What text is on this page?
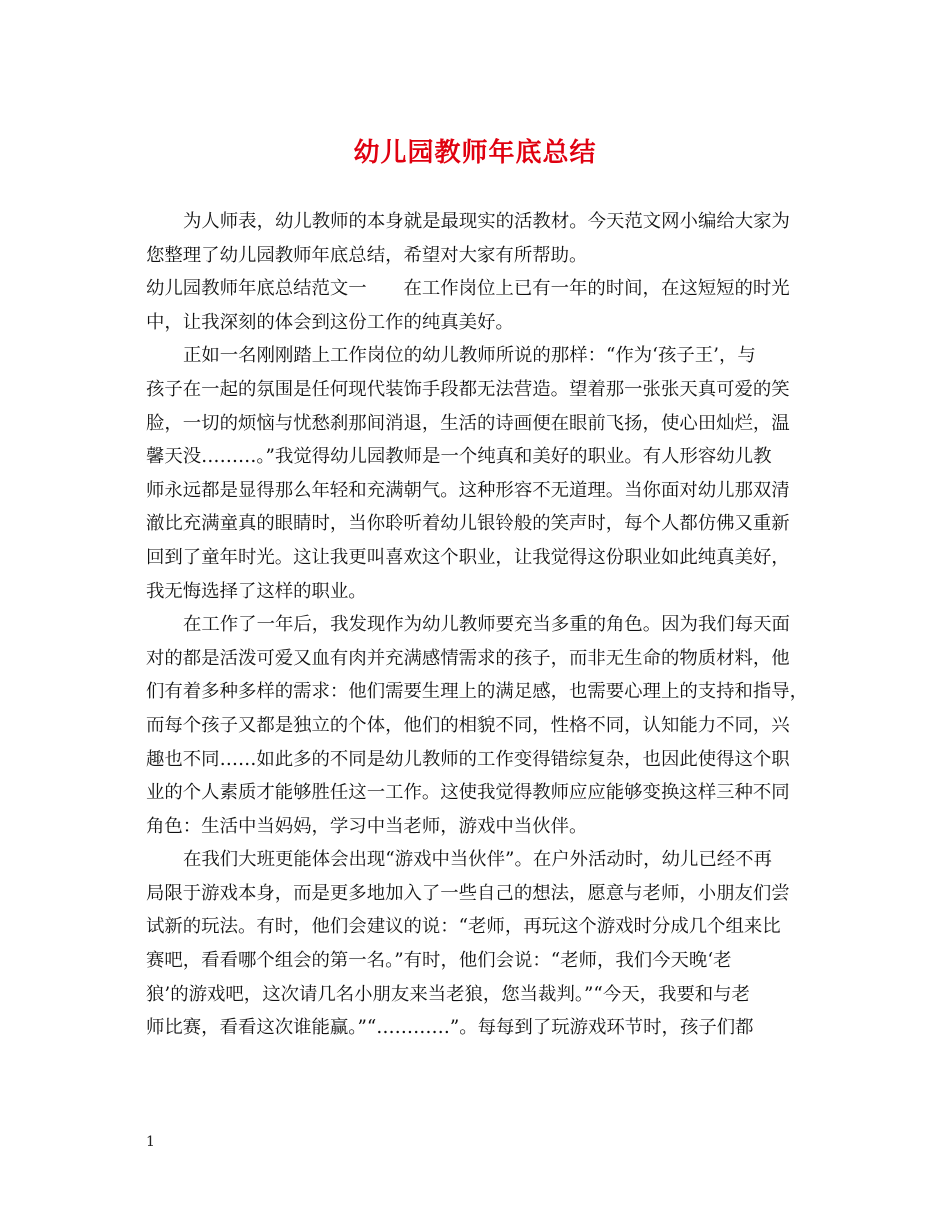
幼儿园教师年底总结
为人师表，幼儿教师的本身就是最现实的活教材。今天范文网小编给大家为
您整理了幼儿园教师年底总结，希望对大家有所帮助。
幼儿园教师年底总结范文一　　在工作岗位上已有一年的时间，在这短短的时光
中，让我深刻的体会到这份工作的纯真美好。
正如一名刚刚踏上工作岗位的幼儿教师所说的那样：“作为‘孩子王’，与
孩子在一起的氛围是任何现代装饰手段都无法营造。望着那一张张天真可爱的笑
脸，一切的烦恼与忧愁刹那间消退，生活的诗画便在眼前飞扬，使心田灿烂，温
馨天没………。”我觉得幼儿园教师是一个纯真和美好的职业。有人形容幼儿教
师永远都是显得那么年轻和充满朝气。这种形容不无道理。当你面对幼儿那双清
澈比充满童真的眼睛时，当你聆听着幼儿银铃般的笑声时，每个人都仿佛又重新
回到了童年时光。这让我更叫喜欢这个职业，让我觉得这份职业如此纯真美好，
我无悔选择了这样的职业。
在工作了一年后，我发现作为幼儿教师要充当多重的角色。因为我们每天面
对的都是活泼可爱又血有肉并充满感情需求的孩子，而非无生命的物质材料，他
们有着多种多样的需求：他们需要生理上的满足感，也需要心理上的支持和指导，
而每个孩子又都是独立的个体，他们的相貌不同，性格不同，认知能力不同，兴
趣也不同……如此多的不同是幼儿教师的工作变得错综复杂，也因此使得这个职
业的个人素质才能够胜任这一工作。这使我觉得教师应应能够变换这样三种不同
角色：生活中当妈妈，学习中当老师，游戏中当伙伴。
在我们大班更能体会出现“游戏中当伙伴”。在户外活动时，幼儿已经不再
局限于游戏本身，而是更多地加入了一些自己的想法，愿意与老师，小朋友们尝
试新的玩法。有时，他们会建议的说：“老师，再玩这个游戏时分成几个组来比
赛吧，看看哪个组会的第一名。”有时，他们会说：“老师，我们今天晚‘老
狼’的游戏吧，这次请几名小朋友来当老狼，您当裁判。”“今天，我要和与老
师比赛，看看这次谁能赢。”“…………”。每每到了玩游戏环节时，孩子们都
1
